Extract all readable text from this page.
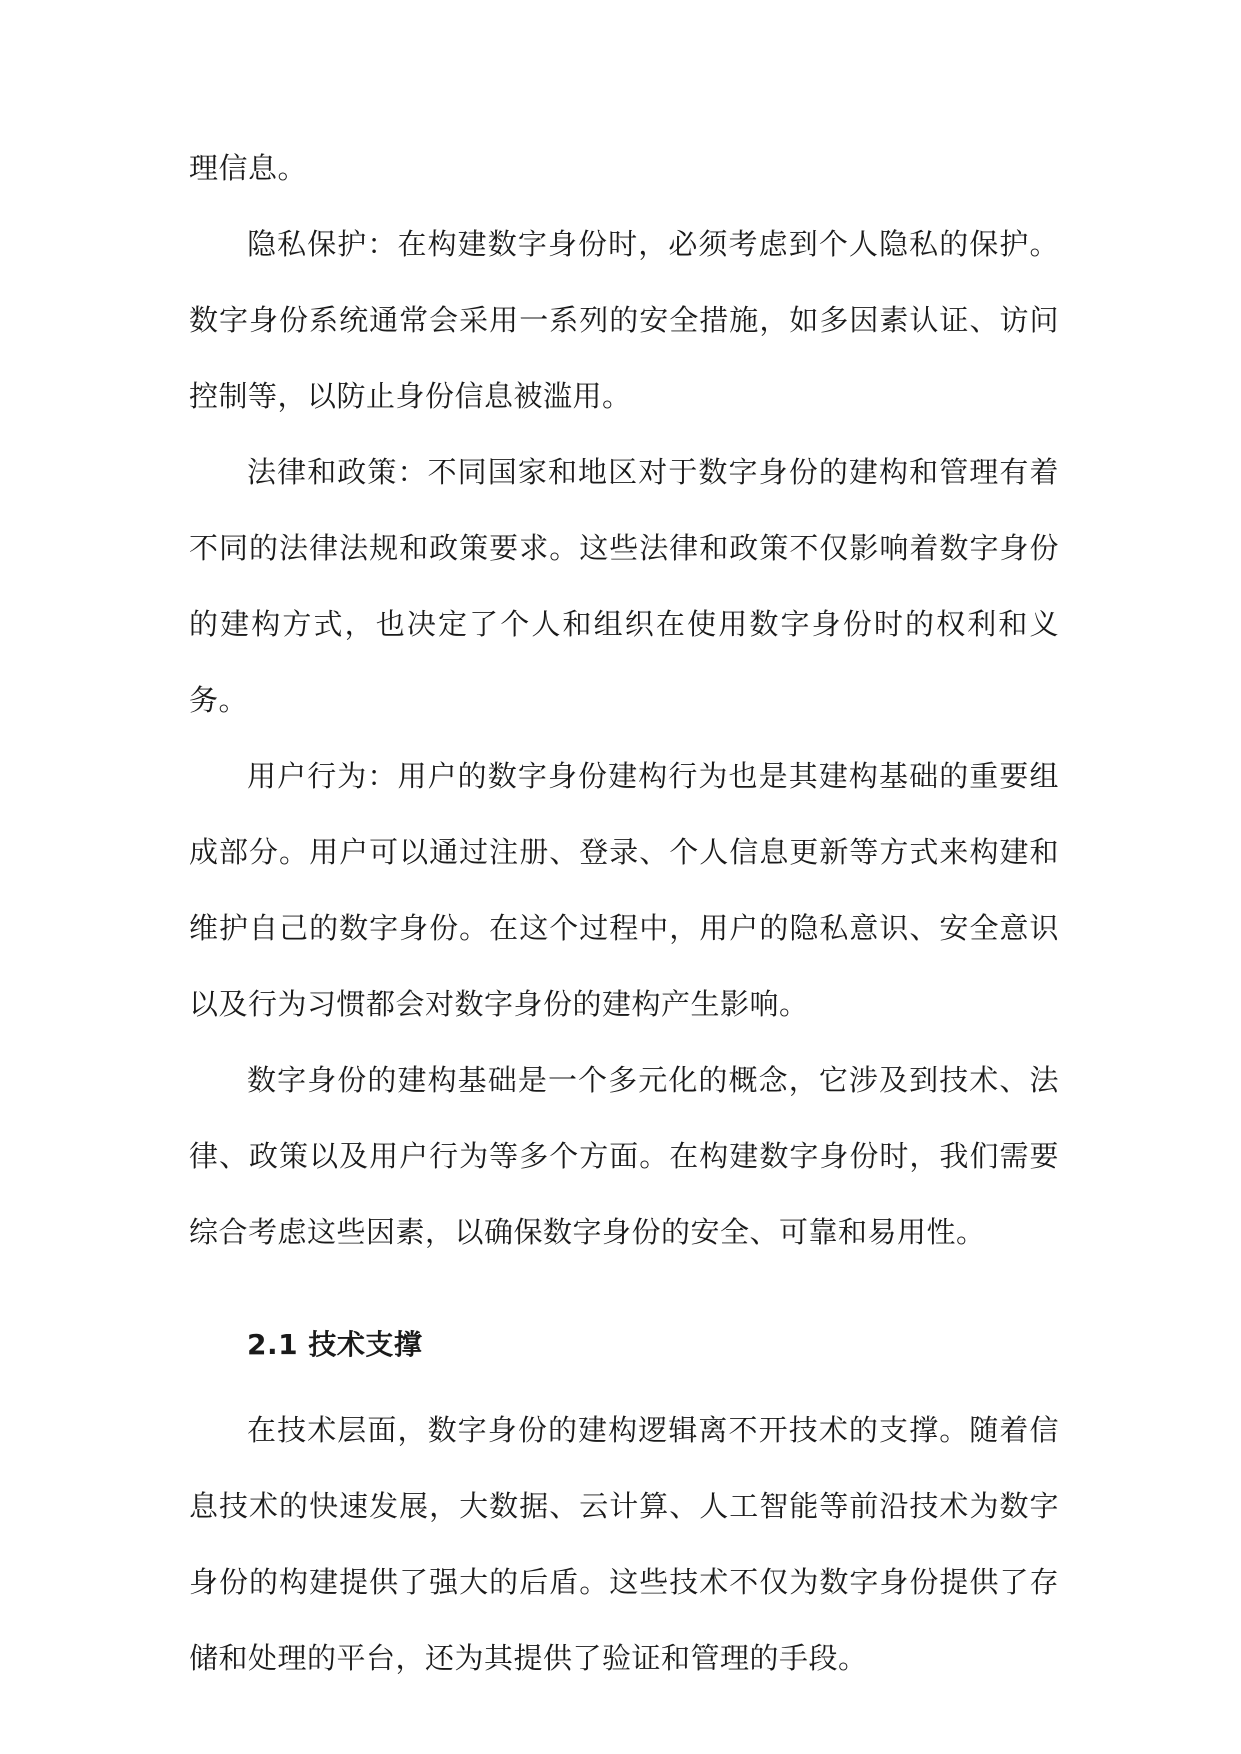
理信息。

隐私保护：在构建数字身份时，必须考虑到个人隐私的保护。数字身份系统通常会采用一系列的安全措施，如多因素认证、访问控制等，以防止身份信息被滥用。

法律和政策：不同国家和地区对于数字身份的建构和管理有着不同的法律法规和政策要求。这些法律和政策不仅影响着数字身份的建构方式，也决定了个人和组织在使用数字身份时的权利和义务。

用户行为：用户的数字身份建构行为也是其建构基础的重要组成部分。用户可以通过注册、登录、个人信息更新等方式来构建和维护自己的数字身份。在这个过程中，用户的隐私意识、安全意识以及行为习惯都会对数字身份的建构产生影响。

数字身份的建构基础是一个多元化的概念，它涉及到技术、法律、政策以及用户行为等多个方面。在构建数字身份时，我们需要综合考虑这些因素，以确保数字身份的安全、可靠和易用性。

2.1 技术支撑

在技术层面，数字身份的建构逻辑离不开技术的支撑。随着信息技术的快速发展，大数据、云计算、人工智能等前沿技术为数字身份的构建提供了强大的后盾。这些技术不仅为数字身份提供了存储和处理的平台，还为其提供了验证和管理的手段。
